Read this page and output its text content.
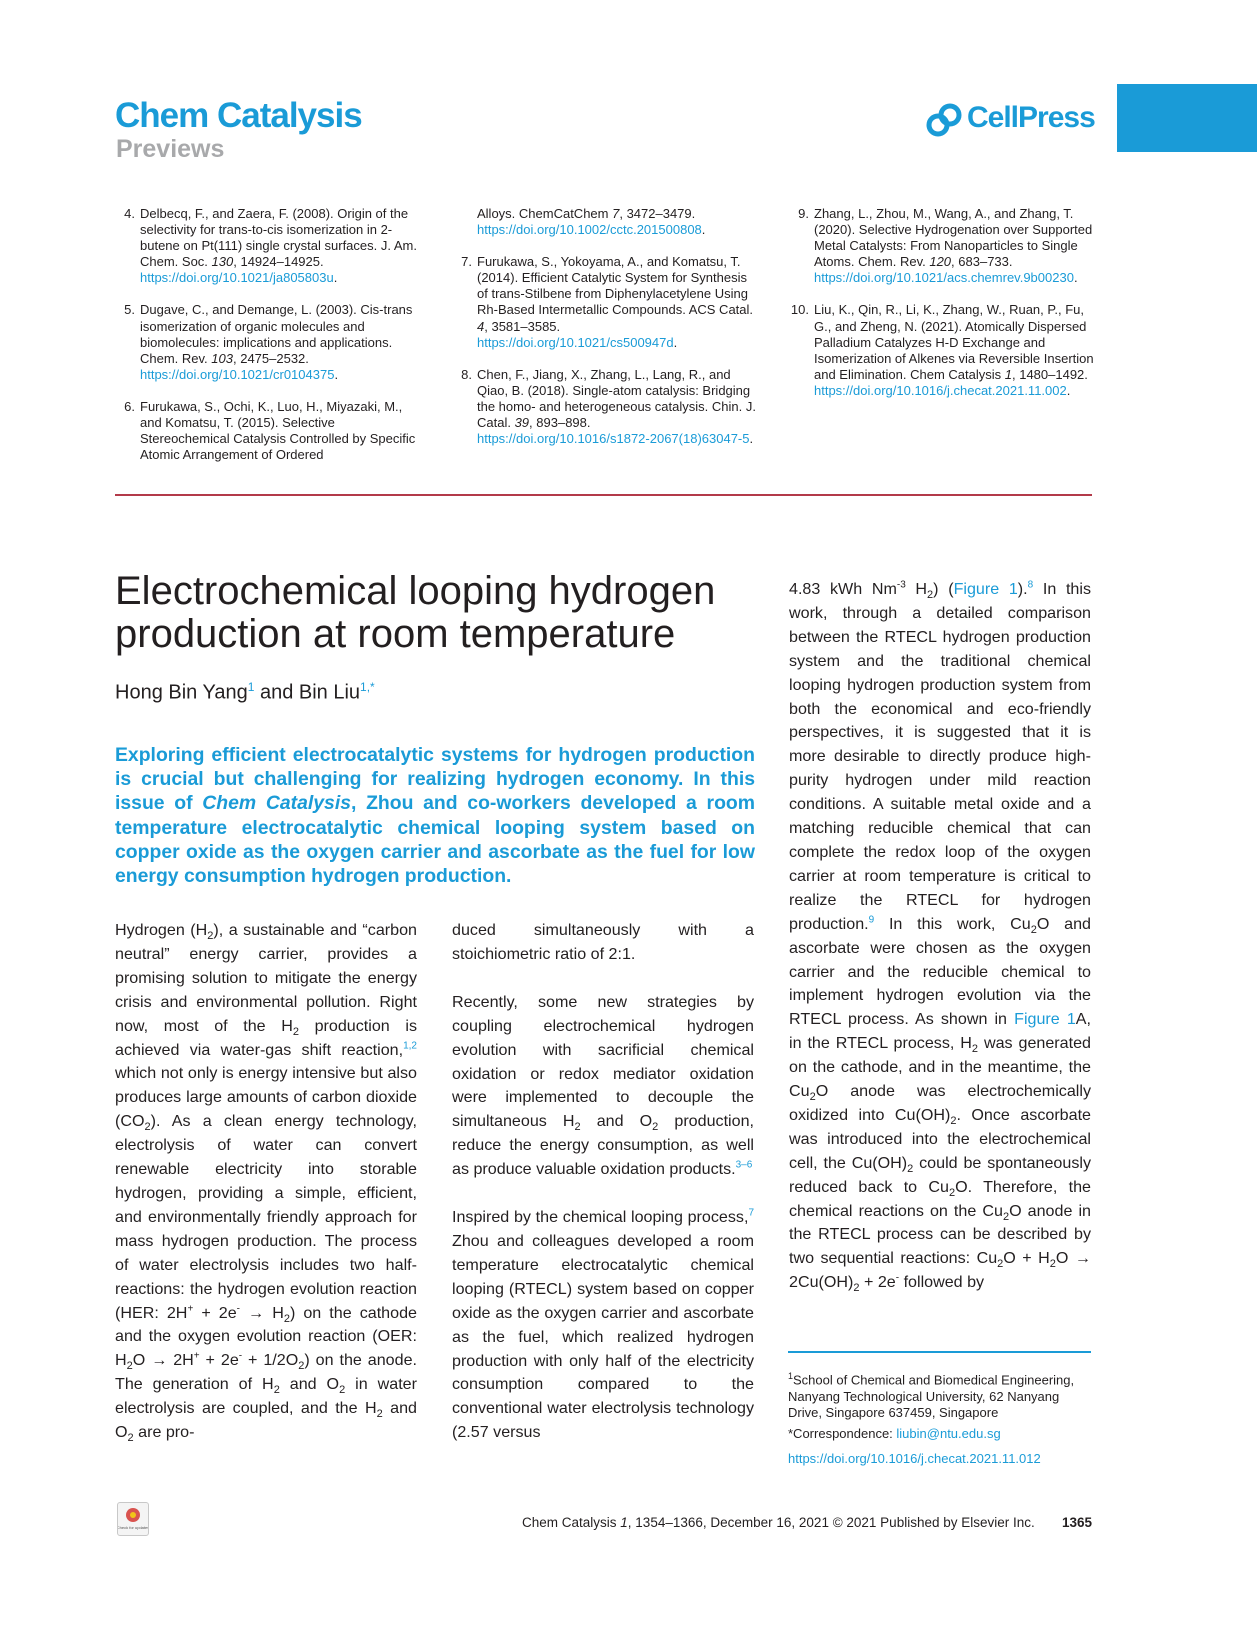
Chem Catalysis
Previews
CellPress
4. Delbecq, F., and Zaera, F. (2008). Origin of the selectivity for trans-to-cis isomerization in 2-butene on Pt(111) single crystal surfaces. J. Am. Chem. Soc. 130, 14924–14925. https://doi.org/10.1021/ja805803u.
5. Dugave, C., and Demange, L. (2003). Cis-trans isomerization of organic molecules and biomolecules: implications and applications. Chem. Rev. 103, 2475–2532. https://doi.org/10.1021/cr0104375.
6. Furukawa, S., Ochi, K., Luo, H., Miyazaki, M., and Komatsu, T. (2015). Selective Stereochemical Catalysis Controlled by Specific Atomic Arrangement of Ordered
Alloys. ChemCatChem 7, 3472–3479. https://doi.org/10.1002/cctc.201500808.
7. Furukawa, S., Yokoyama, A., and Komatsu, T. (2014). Efficient Catalytic System for Synthesis of trans-Stilbene from Diphenylacetylene Using Rh-Based Intermetallic Compounds. ACS Catal. 4, 3581–3585. https://doi.org/10.1021/cs500947d.
8. Chen, F., Jiang, X., Zhang, L., Lang, R., and Qiao, B. (2018). Single-atom catalysis: Bridging the homo- and heterogeneous catalysis. Chin. J. Catal. 39, 893–898. https://doi.org/10.1016/s1872-2067(18)63047-5.
9. Zhang, L., Zhou, M., Wang, A., and Zhang, T. (2020). Selective Hydrogenation over Supported Metal Catalysts: From Nanoparticles to Single Atoms. Chem. Rev. 120, 683–733. https://doi.org/10.1021/acs.chemrev.9b00230.
10. Liu, K., Qin, R., Li, K., Zhang, W., Ruan, P., Fu, G., and Zheng, N. (2021). Atomically Dispersed Palladium Catalyzes H-D Exchange and Isomerization of Alkenes via Reversible Insertion and Elimination. Chem Catalysis 1, 1480–1492. https://doi.org/10.1016/j.checat.2021.11.002.
Electrochemical looping hydrogen production at room temperature
Hong Bin Yang$^1$ and Bin Liu$^{1,*}$
Exploring efficient electrocatalytic systems for hydrogen production is crucial but challenging for realizing hydrogen economy. In this issue of Chem Catalysis, Zhou and co-workers developed a room temperature electrocatalytic chemical looping system based on copper oxide as the oxygen carrier and ascorbate as the fuel for low energy consumption hydrogen production.

Hydrogen $(H_2)$, a sustainable and “carbon neutral” energy carrier, provides a promising solution to mitigate the energy crisis and environmental pollution. Right now, most of the $H_2$ production is achieved via water-gas shift reaction,$^{1,2}$ which not only is energy intensive but also produces large amounts of carbon dioxide $(CO_2)$. As a clean energy technology, electrolysis of water can convert renewable electricity into storable hydrogen, providing a simple, efficient, and environmentally friendly approach for mass hydrogen production. The process of water electrolysis includes two half-reactions: the hydrogen evolution reaction (HER: $2H^+ + 2e^- \to H_2$) on the cathode and the oxygen evolution reaction (OER: $H_2O \to 2H^+ + 2e^- + 1/2O_2$) on the anode. The generation of $H_2$ and $O_2$ in water electrolysis are coupled, and the $H_2$ and $O_2$ are pro-

duced simultaneously with a stoichiometric ratio of 2:1.

Recently, some new strategies by coupling electrochemical hydrogen evolution with sacrificial chemical oxidation or redox mediator oxidation were implemented to decouple the simultaneous $H_2$ and $O_2$ production, reduce the energy consumption, as well as produce valuable oxidation products.$^{3-6}$

Inspired by the chemical looping process,$^7$ Zhou and colleagues developed a room temperature electrocatalytic chemical looping (RTECL) system based on copper oxide as the oxygen carrier and ascorbate as the fuel, which realized hydrogen production with only half of the electricity consumption compared to the conventional water electrolysis technology (2.57 versus

4.83 kWh $Nm^{-3}$ $H_2$) (Figure 1).$^8$ In this work, through a detailed comparison between the RTECL hydrogen production system and the traditional chemical looping hydrogen production system from both the economical and eco-friendly perspectives, it is suggested that it is more desirable to directly produce high-purity hydrogen under mild reaction conditions. A suitable metal oxide and a matching reducible chemical that can complete the redox loop of the oxygen carrier at room temperature is critical to realize the RTECL for hydrogen production.$^9$ In this work, $Cu_2O$ and ascorbate were chosen as the oxygen carrier and the reducible chemical to implement hydrogen evolution via the RTECL process. As shown in Figure 1A, in the RTECL process, $H_2$ was generated on the cathode, and in the meantime, the $Cu_2O$ anode was electrochemically oxidized into $Cu(OH)_2$. Once ascorbate was introduced into the electrochemical cell, the $Cu(OH)_2$ could be spontaneously reduced back to $Cu_2O$. Therefore, the chemical reactions on the $Cu_2O$ anode in the RTECL process can be described by two sequential reactions: $Cu_2O + H_2O \to 2Cu(OH)_2 + 2e^-$ followed by

$^1$School of Chemical and Biomedical Engineering, Nanyang Technological University, 62 Nanyang Drive, Singapore 637459, Singapore
*Correspondence: liubin@ntu.edu.sg
https://doi.org/10.1016/j.checat.2021.11.012
Check for updates	Chem Catalysis 1, 1354–1366, December 16, 2021 © 2021 Published by Elsevier Inc. 1365
